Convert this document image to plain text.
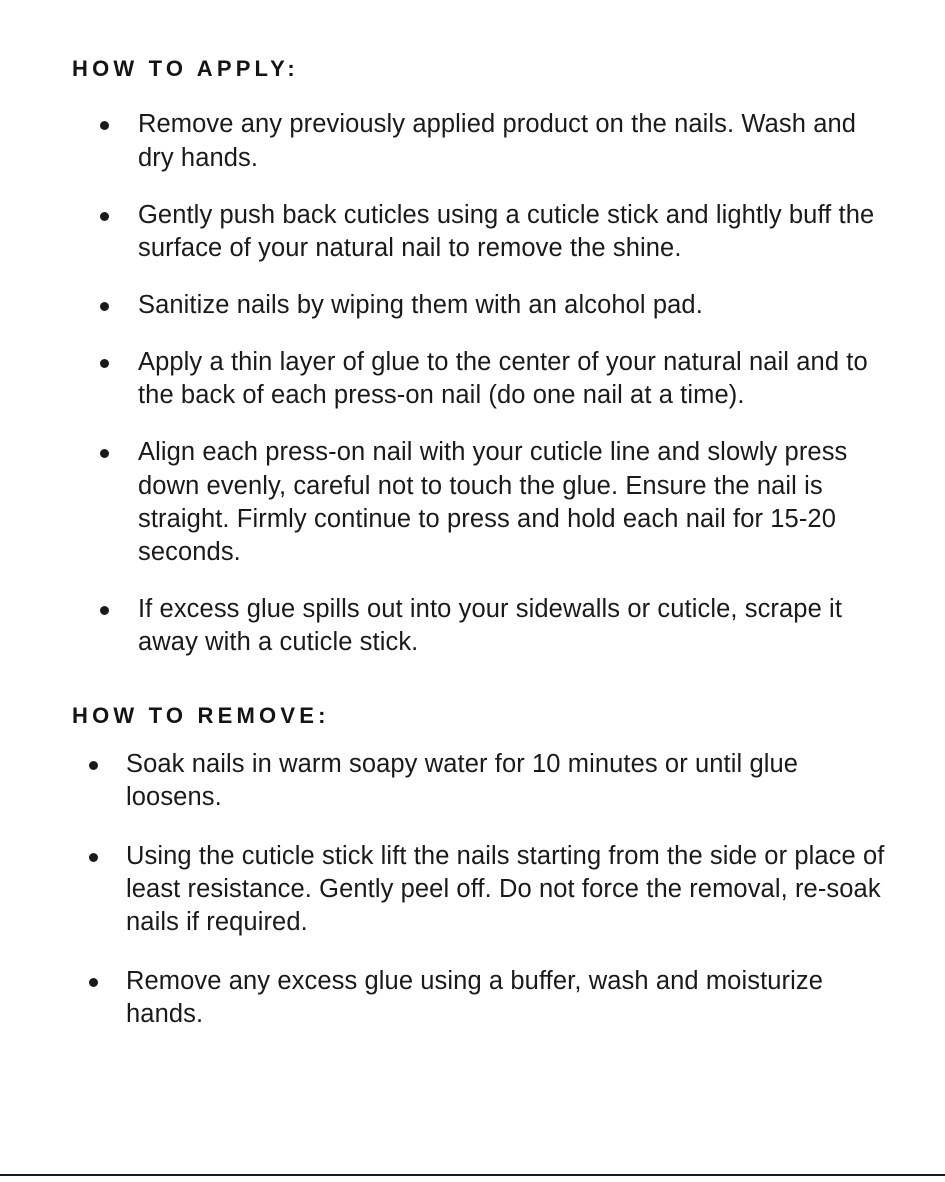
HOW TO APPLY:
Remove any previously applied product on the nails. Wash and dry hands.
Gently push back cuticles using a cuticle stick and lightly buff the surface of your natural nail to remove the shine.
Sanitize nails by wiping them with an alcohol pad.
Apply a thin layer of glue to the center of your natural nail and to the back of each press-on nail (do one nail at a time).
Align each press-on nail with your cuticle line and slowly press down evenly, careful not to touch the glue. Ensure the nail is straight. Firmly continue to press and hold each nail for 15-20 seconds.
If excess glue spills out into your sidewalls or cuticle, scrape it away with a cuticle stick.
HOW TO REMOVE:
Soak nails in warm soapy water for 10 minutes or until glue loosens.
Using the cuticle stick lift the nails starting from the side or place of least resistance. Gently peel off. Do not force the removal, re-soak nails if required.
Remove any excess glue using a buffer, wash and moisturize hands.
